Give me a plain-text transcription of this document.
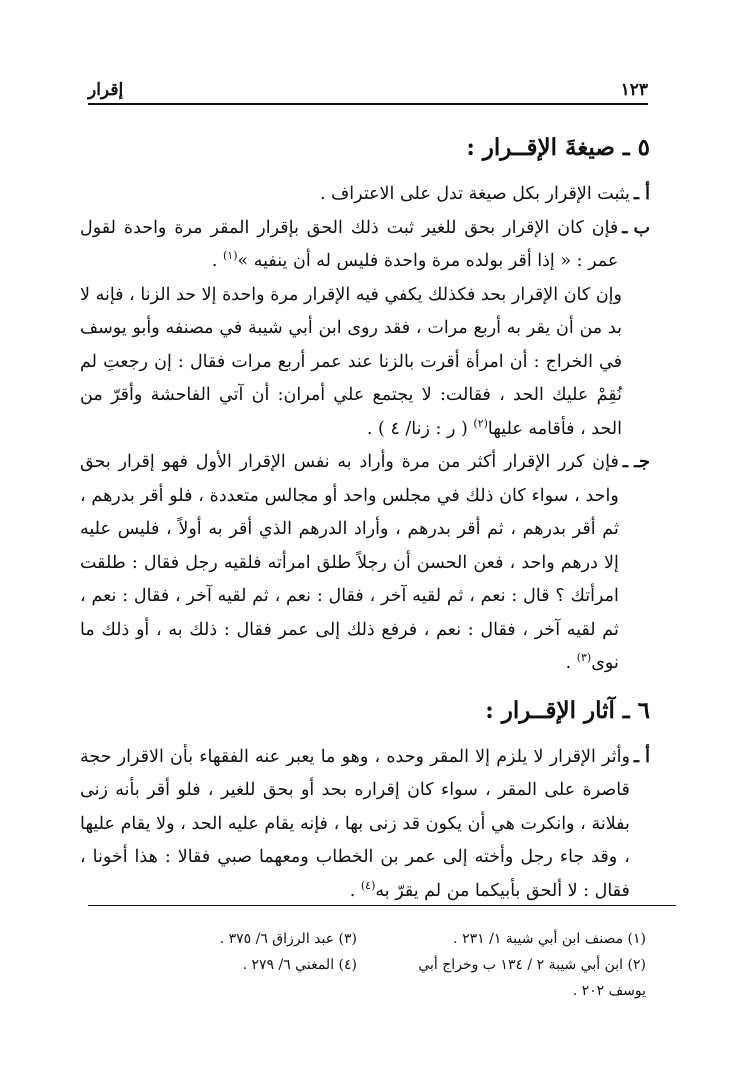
١٢٣
إقرار
٥ ـ صيغةَ الإقــرار :
أ ـ

يثبت الإقرار بكل صيغة تدل على الاعتراف .

ب ـ

فإن كان الإقرار بحق للغير ثبت ذلك الحق بإقرار المقر مرة واحدة لقول عمر : « إذا أقر بولده مرة واحدة فليس له أن ينفيه »$^{(١)}$ .

وإن كان الإقرار بحد فكذلك يكفي فيه الإقرار مرة واحدة إلا حد الزنا ، فإنه لا بد من أن يقر به أربع مرات ، فقد روى ابن أبي شيبة في مصنفه وأبو يوسف في الخراج : أن امرأة أقرت بالزنا عند عمر أربع مرات فقال : إن رجعتِ لم نُقِمْ عليك الحد ، فقالت: لا يجتمع علي أمران: أن آتي الفاحشة وأقرّ من الحد ، فأقامه عليها$^{(٢)}$ ( ر : زنا/ ٤ ) .

جـ ـ

فإن كرر الإقرار أكثر من مرة وأراد به نفس الإقرار الأول فهو إقرار بحق واحد ، سواء كان ذلك في مجلس واحد أو مجالس متعددة ، فلو أقر بدرهم ، ثم أقر بدرهم ، ثم أقر بدرهم ، وأراد الدرهم الذي أقر به أولاً ، فليس عليه إلا درهم واحد ، فعن الحسن أن رجلاً طلق امرأته فلقيه رجل فقال : طلقت امرأتك ؟ قال : نعم ، ثم لقيه آخر ، فقال : نعم ، ثم لقيه آخر ، فقال : نعم ، ثم لقيه آخر ، فقال : نعم ، فرفع ذلك إلى عمر فقال : ذلك به ، أو ذلك ما نوى$^{(٣)}$ .

٦ ـ آثار الإقــرار :
أ ـ

وأثر الإقرار لا يلزم إلا المقر وحده ، وهو ما يعبر عنه الفقهاء بأن الاقرار حجة قاصرة على المقر ، سواء كان إقراره بحد أو بحق للغير ، فلو أقر بأنه زنى بفلانة ، وانكرت هي أن يكون قد زنى بها ، فإنه يقام عليه الحد ، ولا يقام عليها ، وقد جاء رجل وأخته إلى عمر بن الخطاب ومعهما صبي فقالا : هذا أخونا ، فقال : لا ألحق بأبيكما من لم يقرّ به$^{(٤)}$ .

(١) مصنف ابن أبي شيبة ١/ ٢٣١ .
(٣) عبد الرزاق ٦/ ٣٧٥ .
(٢) ابن أبي شيبة ٢ / ١٣٤ ب وخراج أبي يوسف ٢٠٢ .
(٤) المغني ٦/ ٢٧٩ .
